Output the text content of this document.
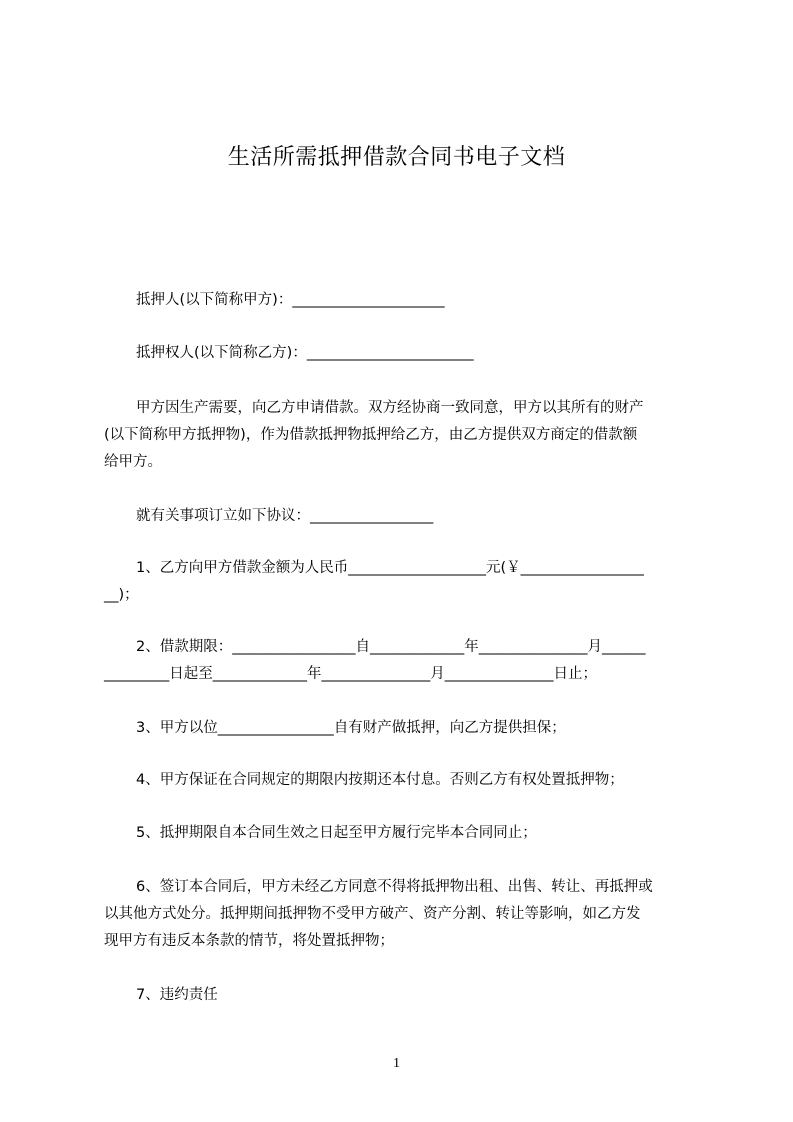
生活所需抵押借款合同书电子文档
抵押人(以下简称甲方)：_____________________
抵押权人(以下简称乙方)：_______________________
甲方因生产需要，向乙方申请借款。双方经协商一致同意，甲方以其所有的财产
(以下简称甲方抵押物)，作为借款抵押物抵押给乙方，由乙方提供双方商定的借款额
给甲方。
就有关事项订立如下协议：_________________
1、乙方向甲方借款金额为人民币___________________元(￥_________________
__)；
2、借款期限：_________________自_____________年_______________月______
_________日起至_____________年_______________月_______________日止；
3、甲方以位________________自有财产做抵押，向乙方提供担保；
4、甲方保证在合同规定的期限内按期还本付息。否则乙方有权处置抵押物；
5、抵押期限自本合同生效之日起至甲方履行完毕本合同同止；
6、签订本合同后，甲方未经乙方同意不得将抵押物出租、出售、转让、再抵押或
以其他方式处分。抵押期间抵押物不受甲方破产、资产分割、转让等影响，如乙方发
现甲方有违反本条款的情节，将处置抵押物；
7、违约责任
1
